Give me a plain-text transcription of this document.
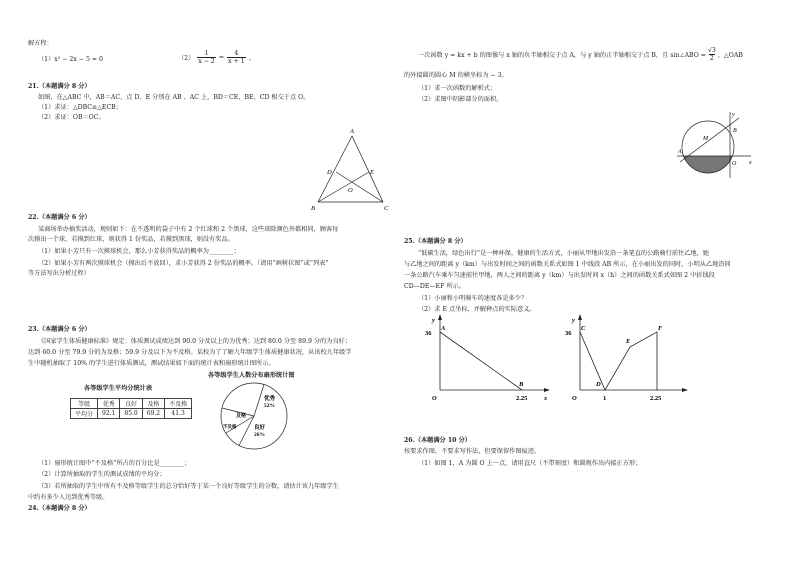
解方程：
（1）x² − 2x − 5 = 0	$(2) \frac{1}{x - 2} = \frac{4}{x + 1}$ 。
21.（本题满分 8 分）
如图，在△ABC 中，AB＝AC，点 D、E 分别在 AB 、AC 上，BD＝CE，BE、CD 相交于点 O。
（1）求证：△DBC≌△ECB；
（2）求证：OB＝OC。
A
B	C
D	E
O
22.（本题满分 6 分）
某商场举办抽奖活动，规则如下：在不透明的袋子中有 2 个红球和 2 个黑球，这些球除颜色外都相同，顾客每
次摸出一个球，若摸到红球，则获得 1 份奖品，若摸到黑球，则没有奖品。
（1）如果小芳只有一次摸球机会，那么小芳获得奖品的概率为________；
（2）如果小芳有两次摸球机会（摸出后不放回），求小芳获得 2 份奖品的概率。（请用“画树状图”或“列表”
等方法写出分析过程）
23.（本题满分 6 分）
《国家学生体质健康标准》规定：体质测试成绩达到 90.0 分及以上的为优秀；达到 80.0 分至 89.9 分的为良好；
达到 60.0 分至 79.9 分的为及格；59.9 分及以下为不及格。某校为了了解九年级学生体质健康状况，从该校九年级学
生中随机抽取了 10% 的学生进行体质测试，测试结果如下面的统计表和扇形统计图所示。
各等级学生平均分统计表
各等级学生人数分布扇形统计图
等级	优秀	良好	及格	不及格
平均分	92.1	85.0	69.2	41.3
优秀
52%
良好
26%
及格
不及格
（1）扇形统计图中“不及格”所占的百分比是________；
（2）计算所抽取的学生的测试成绩的平均分；
（3）若所抽取的学生中所有不及格等级学生的总分恰好等于某一个良好等级学生的分数，请估计该九年级学生
中约有多少人达到优秀等级。
24.（本题满分 8 分）
一次函数 y = kx + b 的图像与 x 轴的负半轴相交于点 A，与 y 轴的正半轴相交于点 B，且 sin∠ABO = $\frac{√3}{2}$ ，△OAB
的外接圆的圆心 M 的横坐标为 − 3。
（1）求一次函数的解析式；
（2）求图中阴影部分的面积。
y
x
M
B
A
O
25.（本题满分 8 分）
“低碳生活，绿色出行”是一种环保，健康的生活方式，小丽从甲地出发沿一条笔直的公路骑行前往乙地，她
与乙地之间的距离 y（km）与出发时间之间的函数关系式如图 1 中线段 AB 所示，在小丽出发的同时，小明从乙地沿同
一条公路汽车乘车匀速前往甲地，两人之间的距离 y（km）与出发时间 x（h）之间的函数关系式如图 2 中折线段
CD—DE—EF 所示。
（1）小丽和小明骑车的速度各是多少？
（2）求 E 点坐标，并解释点的实际意义。
y
A
36
O
B
2.25	x
y
C
36
F
E
D
O	1	2.25
26.（本题满分 10 分）
按要求作图，不要求写作法，但要保留作图痕迹。
（1）如图 1，A 为圆 O 上一点，请用直尺（不带刻度）和圆规作出内接正方形；
